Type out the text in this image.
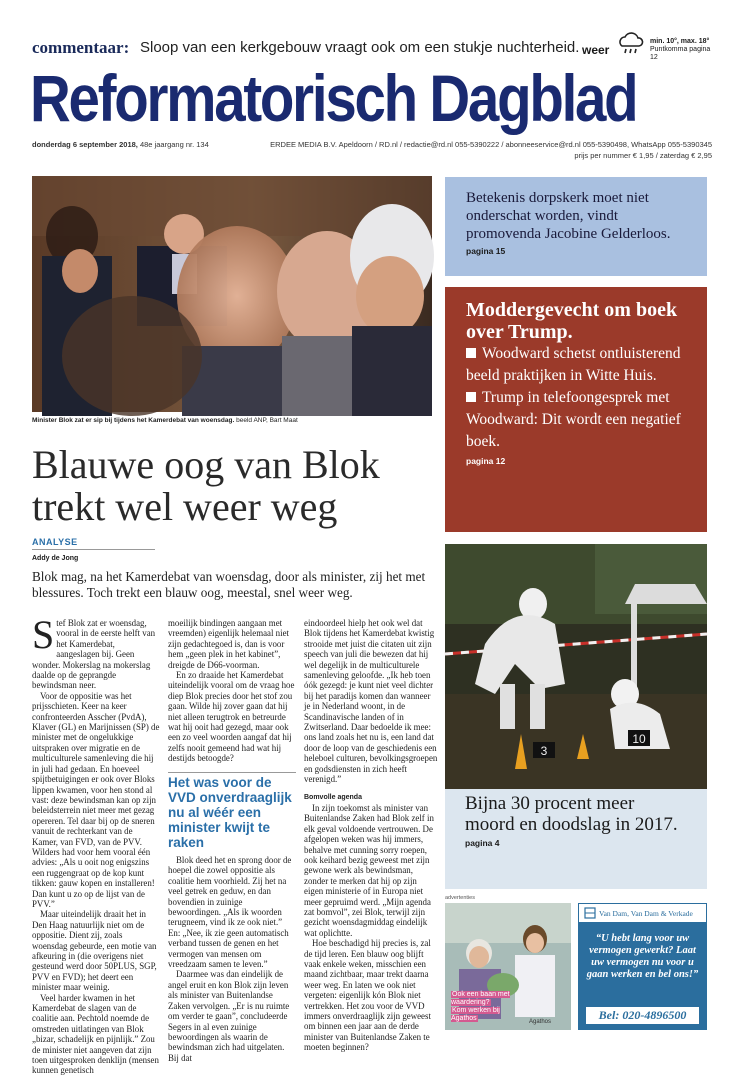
commentaar: Sloop van een kerkgebouw vraagt ook om een stukje nuchterheid. weer
min. 10°, max. 18°
Puntkomma pagina 12
Reformatorisch Dagblad
donderdag 6 september 2018, 48e jaargang nr. 134	ERDEE MEDIA B.V. Apeldoorn / RD.nl / redactie@rd.nl 055-5390222 / abonneeservice@rd.nl 055-5390498, WhatsApp 055-5390345
prijs per nummer € 1,95 / zaterdag € 2,95
Minister Blok zat er sip bij tijdens het Kamerdebat van woensdag. beeld ANP, Bart Maat
Blauwe oog van Blok trekt wel weer weg
ANALYSE
Addy de Jong
Blok mag, na het Kamerdebat van woensdag, door als minister, zij het met blessures. Toch trekt een blauw oog, meestal, snel weer weg.
S tef Blok zat er woensdag, vooral in de eerste helft van het Kamerdebat, aangeslagen bij. Geen wonder. Mokerslag na mokerslag daalde op de geprangde bewindsman neer.
Voor de oppositie was het prijsschieten. Keer na keer confronteerden Asscher (PvdA), Klaver (GL) en Marijnissen (SP) de minister met de ongelukkige uitspraken over migratie en de multiculturele samenleving die hij in juli had gedaan. En hoeveel spijtbetuigingen er ook over Bloks lippen kwamen, voor hen stond al vast: deze bewindsman kan op zijn beleidsterrein niet meer met gezag opereren. Tel daar bij op de sneren vanuit de rechterkant van de Kamer, van FVD, van de PVV. Wilders had voor hem vooral één advies: „Als u ooit nog enigszins een ruggengraat op de kop kunt tikken: gauw kopen en installeren! Dan kunt u zo op de lijst van de PVV.”
Maar uiteindelijk draait het in Den Haag natuurlijk niet om de oppositie. Dient zij, zoals woensdag gebeurde, een motie van afkeuring in (die overigens niet gesteund werd door 50PLUS, SGP, PVV en FVD); het deert een minister maar weinig.
Veel harder kwamen in het Kamerdebat de slagen van de coalitie aan. Pechtold noemde de omstreden uitlatingen van Blok „bizar, schadelijk en pijnlijk.” Zou de minister niet aangeven dat zijn toen uitgesproken denklijn (mensen kunnen genetisch
moeilijk bindingen aangaan met vreemden) eigenlijk helemaal niet zijn gedachtegoed is, dan is voor hem „geen plek in het kabinet”, dreigde de D66-voorman.
En zo draaide het Kamerdebat uiteindelijk vooral om de vraag hoe diep Blok precies door het stof zou gaan. Wilde hij zover gaan dat hij niet alleen terugtrok en betreurde wat hij ooit had gezegd, maar ook een zo veel woorden aangaf dat hij zelfs nooit gemeend had wat hij destijds betoogde?
Het was voor de VVD onverdraaglijk nu al wéér een minister kwijt te raken
Blok deed het en sprong door de hoepel die zowel oppositie als coalitie hem voorhield. Zij het na veel getrek en geduw, en dan bovendien in zuinige bewoordingen. „Als ik woorden terugneem, vind ik ze ook niet.” En: „Nee, ik zie geen automatisch verband tussen de genen en het vermogen van mensen om vreedzaam samen te leven.”
Daarmee was dan eindelijk de angel eruit en kon Blok zijn leven als minister van Buitenlandse Zaken vervolgen. „Er is nu ruimte om verder te gaan”, concludeerde Segers in al even zuinige bewoordingen als waarin de bewindsman zich had uitgelaten. Bij dat
eindoordeel hielp het ook wel dat Blok tijdens het Kamerdebat kwistig strooide met juist die citaten uit zijn speech van juli die bewezen dat hij wel degelijk in de multiculturele samenleving geloofde. „Ik heb toen óók gezegd: je kunt niet veel dichter bij het paradijs komen dan wanneer je in Nederland woont, in de Scandinavische landen of in Zwitserland. Daar bedoelde ik mee: ons land zoals het nu is, een land dat door de loop van de geschiedenis een heleboel culturen, bevolkingsgroepen en godsdiensten in zich heeft verenigd.”
Bomvolle agenda
In zijn toekomst als minister van Buitenlandse Zaken had Blok zelf in elk geval voldoende vertrouwen. De afgelopen weken was hij immers, behalve met cunning sorry roepen, ook keihard bezig geweest met zijn gewone werk als bewindsman, zonder te merken dat hij op zijn eigen ministerie of in Europa niet meer gepruimd werd. „Mijn agenda zat bomvol”, zei Blok, terwijl zijn gezicht woensdagmiddag eindelijk wat oplichtte.
Hoe beschadigd hij precies is, zal de tijd leren. Een blauw oog blijft vaak enkele weken, misschien een maand zichtbaar, maar trekt daarna weer weg. En laten we ook niet vergeten: eigenlijk kón Blok niet vertrekken. Het zou voor de VVD immers onverdraaglijk zijn geweest om binnen een jaar aan de derde minister van Buitenlandse Zaken te moeten beginnen?
Betekenis dorpskerk moet niet onderschat worden, vindt promovenda Jacobine Gelderloos.
pagina 15
Moddergevecht om boek over Trump.
Woodward schetst ontluisterend beeld praktijken in Witte Huis.
Trump in telefoongesprek met Woodward: Dit wordt een negatief boek.
pagina 12
3
10
Bijna 30 procent meer moord en doodslag in 2017.
pagina 4
advertenties
Ook een baan met waardering?
Kom werken bij Agathos	Agathos
Van Dam, Van Dam & Verkade
“U hebt lang voor uw vermogen gewerkt? Laat uw vermogen nu voor u gaan werken en bel ons!”
Bel: 020-4896500
